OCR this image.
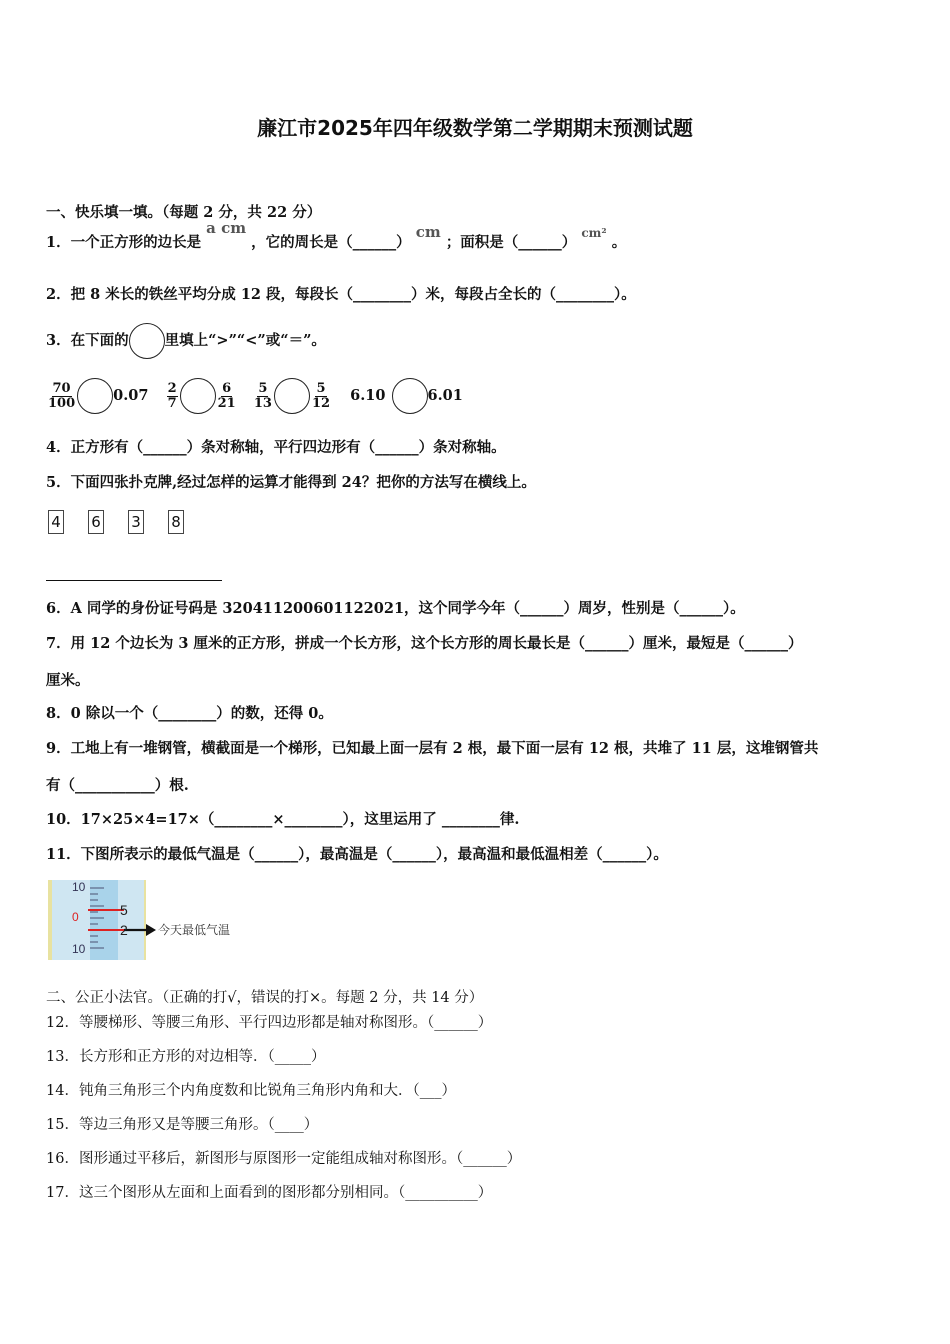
廉江市2025年四年级数学第二学期期末预测试题
一、快乐填一填。（每题 2 分，共 22 分）
1．一个正方形的边长是 a cm ，它的周长是（______） cm ；面积是（______） $^{cm^2}$ 。
2．把 8 米长的铁丝平均分成 12 段，每段长（________）米，每段占全长的（________）。
3．在下面的 里填上“>”“<”或“＝”。
$\frac{70}{100}$	$0.07 \frac{2}{7}$	$\frac{6}{21}$
$\frac{5}{13}$	$\frac{5}{12} 6.10$	6.01
4．正方形有（______）条对称轴，平行四边形有（______）条对称轴。
5．下面四张扑克牌,经过怎样的运算才能得到 24？把你的方法写在横线上。
4 6 3 8
6．A 同学的身份证号码是 320411200601122021，这个同学今年（______）周岁，性别是（______）。
7．用 12 个边长为 3 厘米的正方形，拼成一个长方形，这个长方形的周长最长是（______）厘米，最短是（______）
厘米。
8．0 除以一个（________）的数，还得 0。
9．工地上有一堆钢管，横截面是一个梯形，已知最上面一层有 2 根，最下面一层有 12 根，共堆了 11 层，这堆钢管共
有（___________）根.
10．17×25×4=17×（________×________），这里运用了 ________律.
11．下图所表示的最低气温是（______），最高温是（______），最高温和最低温相差（______）。
10
0	5
2
10
今天最低气温
二、公正小法官。（正确的打√，错误的打×。每题 2 分，共 14 分）
12．等腰梯形、等腰三角形、平行四边形都是轴对称图形。（______）
13．长方形和正方形的对边相等．（_____）
14．钝角三角形三个内角度数和比锐角三角形内角和大．（___）
15．等边三角形又是等腰三角形。（____）
16．图形通过平移后，新图形与原图形一定能组成轴对称图形。（______）
17．这三个图形从左面和上面看到的图形都分别相同。（__________）
